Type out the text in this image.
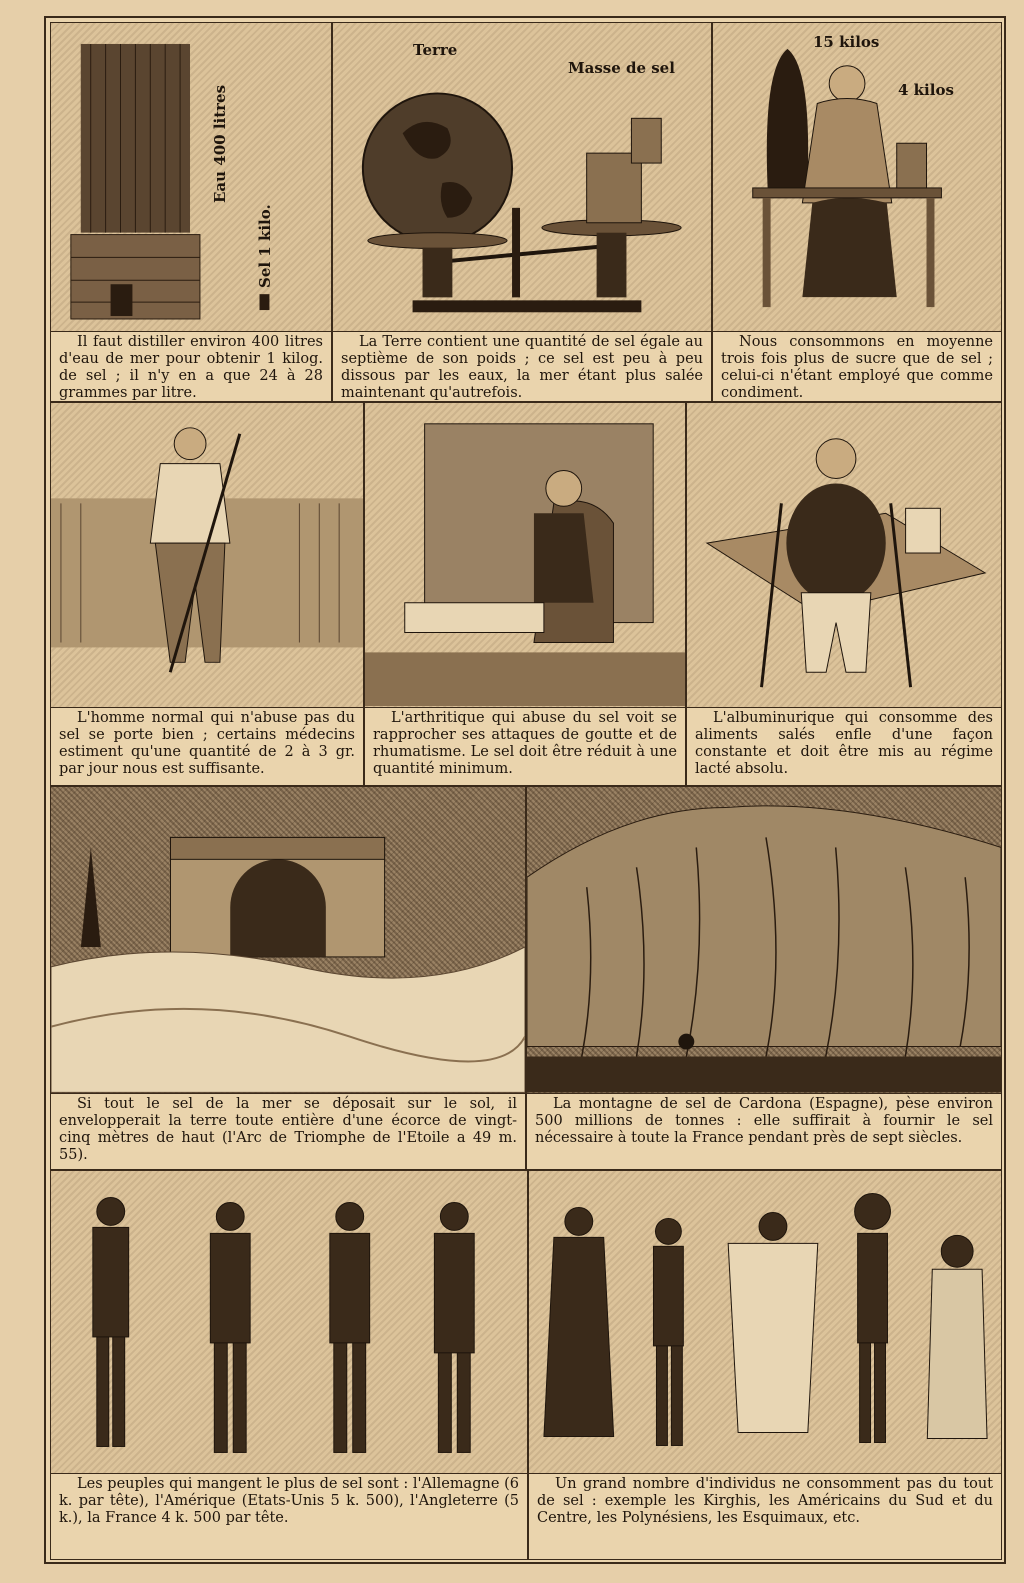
Eau 400 litres
Sel 1 kilo.
Il faut distiller environ 400 litres d'eau de mer pour obtenir 1 kilog. de sel ; il n'y en a que 24 à 28 grammes par litre.
Terre
Masse de sel
La Terre contient une quantité de sel égale au septième de son poids ; ce sel est peu à peu dissous par les eaux, la mer étant plus salée maintenant qu'autrefois.
15 kilos
4 kilos
Nous consommons en moyenne trois fois plus de sucre que de sel ; celui-ci n'étant employé que comme condiment.
L'homme normal qui n'abuse pas du sel se porte bien ; certains médecins estiment qu'une quantité de 2 à 3 gr. par jour nous est suffisante.
L'arthritique qui abuse du sel voit se rapprocher ses attaques de goutte et de rhumatisme. Le sel doit être réduit à une quantité minimum.
L'albuminurique qui consomme des aliments salés enfle d'une façon constante et doit être mis au régime lacté absolu.
Si tout le sel de la mer se déposait sur le sol, il envelopperait la terre toute entière d'une écorce de vingt-cinq mètres de haut (l'Arc de Triomphe de l'Etoile a 49 m. 55).
La montagne de sel de Cardona (Espagne), pèse environ 500 millions de tonnes : elle suffirait à fournir le sel nécessaire à toute la France pendant près de sept siècles.
Les peuples qui mangent le plus de sel sont : l'Allemagne (6 k. par tête), l'Amérique (Etats-Unis 5 k. 500), l'Angleterre (5 k.), la France 4 k. 500 par tête.
Un grand nombre d'individus ne consomment pas du tout de sel : exemple les Kirghis, les Américains du Sud et du Centre, les Polynésiens, les Esquimaux, etc.
